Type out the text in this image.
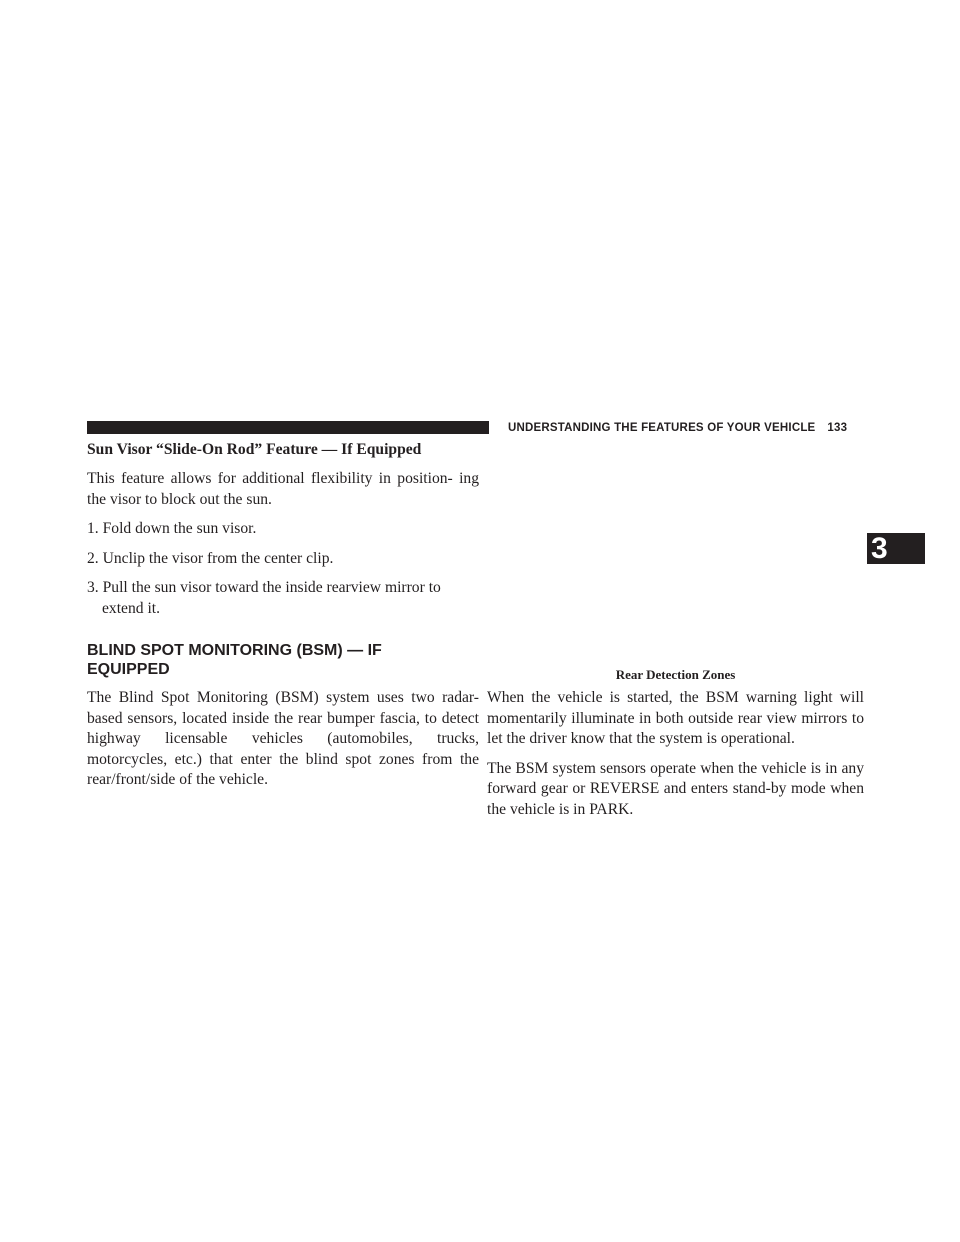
UNDERSTANDING THE FEATURES OF YOUR VEHICLE 133
3

Sun Visor “Slide-On Rod” Feature — If Equipped

This feature allows for additional flexibility in position- ing the visor to block out the sun.

1. Fold down the sun visor.

2. Unclip the visor from the center clip.

3. Pull the sun visor toward the inside rearview mirror to extend it.

BLIND SPOT MONITORING (BSM) — IF EQUIPPED

The Blind Spot Monitoring (BSM) system uses two radar- based sensors, located inside the rear bumper fascia, to detect highway licensable vehicles (automobiles, trucks, motorcycles, etc.) that enter the blind spot zones from the rear/front/side of the vehicle.

Rear Detection Zones

When the vehicle is started, the BSM warning light will momentarily illuminate in both outside rear view mirrors to let the driver know that the system is operational.

The BSM system sensors operate when the vehicle is in any forward gear or REVERSE and enters stand-by mode when the vehicle is in PARK.
